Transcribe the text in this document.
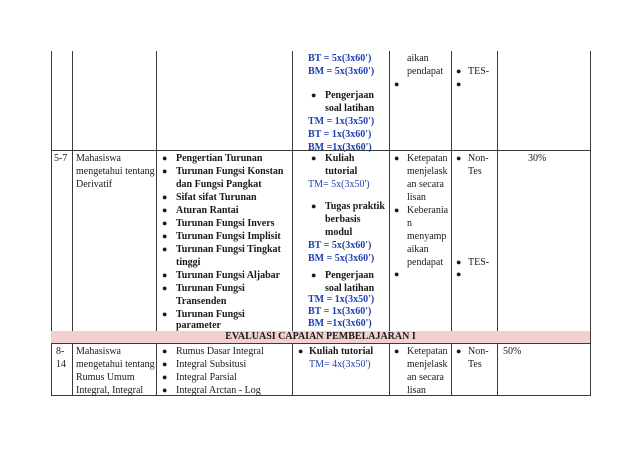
BT = 5x(3x60')
BM = 5x(3x60')
● Pengerjaan
soal latihan
TM = 1x(3x50')
BT = 1x(3x60')
BM =1x(3x60')
aikan
pendapat
●
● TES-
●
5-7 Mahasiswa
mengetahui tentang
Derivatif
● Pengertian Turunan
● Turunan Fungsi Konstan
dan Fungsi Pangkat
● Sifat sifat Turunan
● Aturan Rantai
● Turunan Fungsi Invers
● Turunan Fungsi Implisit
● Turunan Fungsi Tingkat
tinggi
● Turunan Fungsi Aljabar
● Turunan Fungsi
Transenden
● Turunan Fungsi
parameter
● Kuliah
tutorial
TM= 5x(3x50')
● Tugas praktik
berbasis
modul
BT = 5x(3x60')
BM = 5x(3x60')
● Pengerjaan
soal latihan
TM = 1x(3x50')
BT = 1x(3x60')
BM =1x(3x60')
● Ketepatan
menjelask
an secara
lisan
● Keberania
n
menyamp
aikan
pendapat
●
● Non-
Tes
● TES-
●
30%
EVALUASI CAPAIAN PEMBELAJARAN I
8-
14
Mahasiswa
mengetahui tentang
Rumus Umum
Integral, Integral
● Rumus Dasar Integral
● Integral Subsitusi
● Integral Parsial
● Integral Arctan - Log
● Kuliah tutorial
TM= 4x(3x50')
● Ketepatan
menjelask
an secara
lisan
● Non-
Tes
50%
